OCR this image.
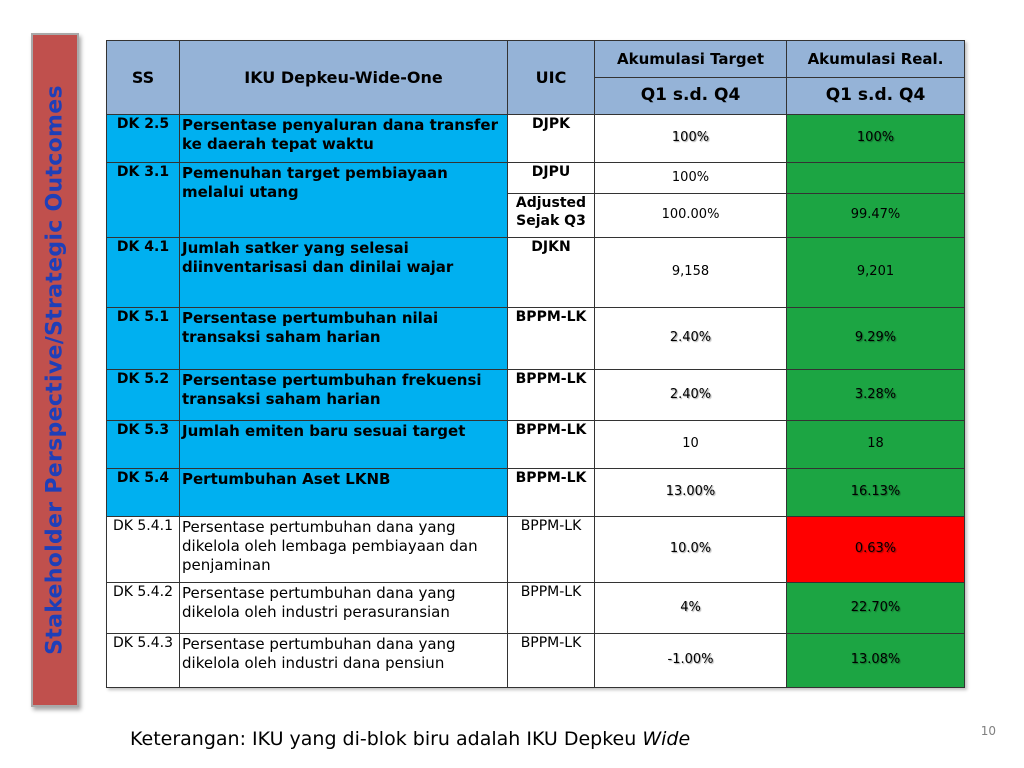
Stakeholder Perspective/Strategic Outcomes
SS	IKU Depkeu-Wide-One	UIC	Akumulasi Target	Akumulasi Real.
			Q1 s.d. Q4	Q1 s.d. Q4
DK 2.5	Persentase penyaluran dana transfer ke daerah tepat waktu	DJPK	100%	100%
DK 3.1	Pemenuhan target pembiayaan melalui utang	DJPU	100%	
		Adjusted Sejak Q3	100.00%	99.47%
DK 4.1	Jumlah satker yang selesai diinventarisasi dan dinilai wajar	DJKN	9,158	9,201
DK 5.1	Persentase pertumbuhan nilai transaksi saham harian	BPPM-LK	2.40%	9.29%
DK 5.2	Persentase pertumbuhan frekuensi transaksi saham harian	BPPM-LK	2.40%	3.28%
DK 5.3	Jumlah emiten baru sesuai target	BPPM-LK	10	18
DK 5.4	Pertumbuhan Aset LKNB	BPPM-LK	13.00%	16.13%
DK 5.4.1	Persentase pertumbuhan dana yang dikelola oleh lembaga pembiayaan dan penjaminan	BPPM-LK	10.0%	0.63%
DK 5.4.2	Persentase pertumbuhan dana yang dikelola oleh industri perasuransian	BPPM-LK	4%	22.70%
DK 5.4.3	Persentase pertumbuhan dana yang dikelola oleh industri dana pensiun	BPPM-LK	-1.00%	13.08%
10
Keterangan: IKU yang di-blok biru adalah IKU Depkeu Wide
